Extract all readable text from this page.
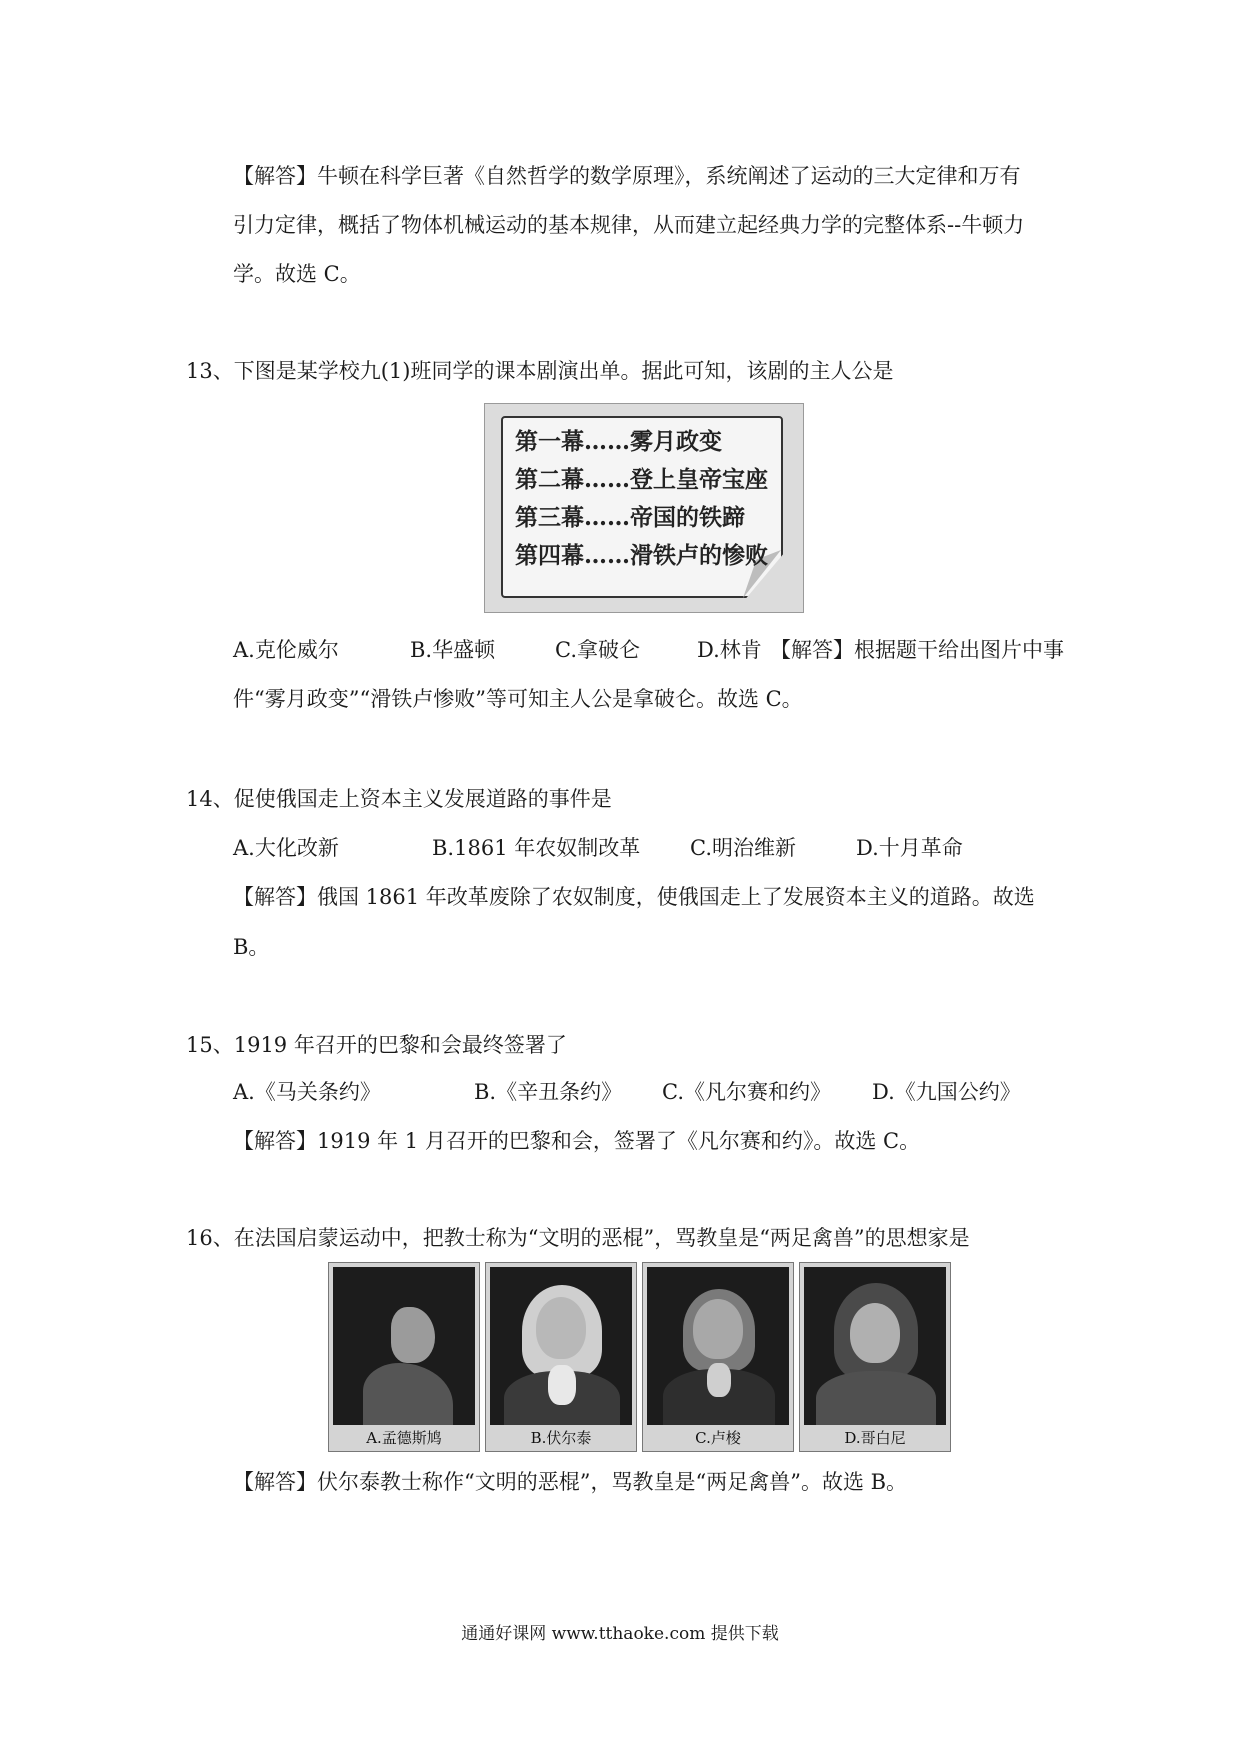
【解答】牛顿在科学巨著《自然哲学的数学原理》，系统阐述了运动的三大定律和万有
引力定律，概括了物体机械运动的基本规律，从而建立起经典力学的完整体系--牛顿力
学。故选 C。
13、下图是某学校九(1)班同学的课本剧演出单。据此可知，该剧的主人公是
第一幕……雾月政变
第二幕……登上皇帝宝座
第三幕……帝国的铁蹄
第四幕……滑铁卢的惨败
A.克伦威尔	B.华盛顿	C.拿破仑	D.林肯 【解答】根据题干给出图片中事
件“雾月政变”“滑铁卢惨败”等可知主人公是拿破仑。故选 C。
14、促使俄国走上资本主义发展道路的事件是
A.大化改新	B.1861 年农奴制改革 C.明治维新	D.十月革命
【解答】俄国 1861 年改革废除了农奴制度，使俄国走上了发展资本主义的道路。故选
B。
15、1919 年召开的巴黎和会最终签署了
A.《马关条约》	B.《辛丑条约》 C.《凡尔赛和约》 D.《九国公约》
【解答】1919 年 1 月召开的巴黎和会，签署了《凡尔赛和约》。故选 C。
16、在法国启蒙运动中，把教士称为“文明的恶棍”，骂教皇是“两足禽兽”的思想家是
A.孟德斯鸠	B.伏尔泰	C.卢梭	D.哥白尼
【解答】伏尔泰教士称作“文明的恶棍”，骂教皇是“两足禽兽”。故选 B。
通通好课网 www.tthaoke.com 提供下载
